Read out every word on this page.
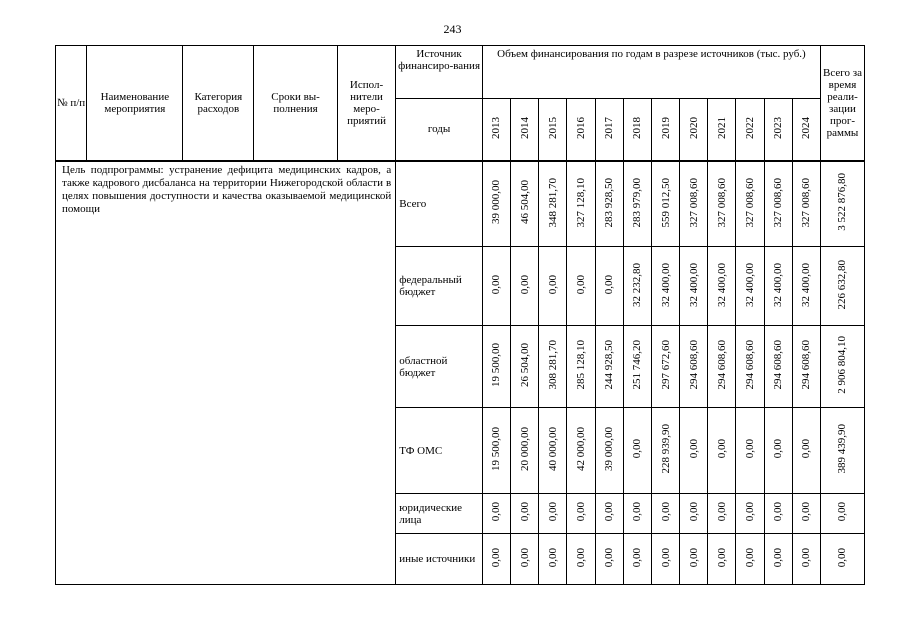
243
№ п/п	Наименование мероприятия	Категория расходов	Сроки вы-полнения	Испол-нители меро-приятий	Источник финансиро-вания	Объем финансирования по годам в разрезе источников (тыс. руб.)												Всего за время реали-зации прог-раммы
					годы	2013	2014	2015	2016	2017	2018	2019	2020	2021	2022	2023	2024	
Цель подпрограммы: устранение дефицита медицинских кадров, а также кадрового дисбаланса на территории Нижегородской области в целях повышения доступности и качества оказываемой медицинской помощи					Всего	39 000,00	46 504,00	348 281,70	327 128,10	283 928,50	283 979,00	559 012,50	327 008,60	327 008,60	327 008,60	327 008,60	327 008,60	3 522 876,80
					федеральный бюджет	0,00	0,00	0,00	0,00	0,00	32 232,80	32 400,00	32 400,00	32 400,00	32 400,00	32 400,00	32 400,00	226 632,80
					областной бюджет	19 500,00	26 504,00	308 281,70	285 128,10	244 928,50	251 746,20	297 672,60	294 608,60	294 608,60	294 608,60	294 608,60	294 608,60	2 906 804,10
					ТФ ОМС	19 500,00	20 000,00	40 000,00	42 000,00	39 000,00	0,00	228 939,90	0,00	0,00	0,00	0,00	0,00	389 439,90
					юридические лица	0,00	0,00	0,00	0,00	0,00	0,00	0,00	0,00	0,00	0,00	0,00	0,00	0,00
					иные источники	0,00	0,00	0,00	0,00	0,00	0,00	0,00	0,00	0,00	0,00	0,00	0,00	0,00
